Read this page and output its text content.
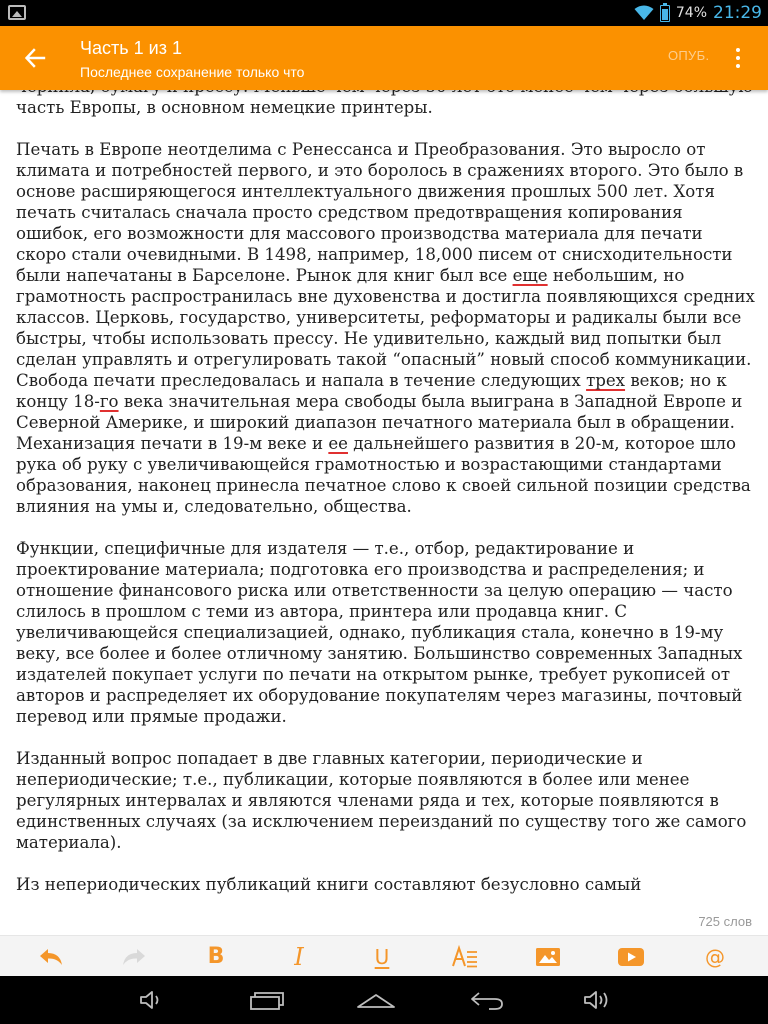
74% 21:29
Часть 1 из 1
Последнее сохранение только что
ОПУБ.

часть Европы, в основном немецкие принтеры.

Печать в Европе неотделима с Ренессанса и Преобразования. Это выросло от климата и потребностей первого, и это боролось в сражениях второго. Это было в основе расширяющегося интеллектуального движения прошлых 500 лет. Хотя печать считалась сначала просто средством предотвращения копирования ошибок, его возможности для массового производства материала для печати скоро стали очевидными. В 1498, например, 18,000 писем от снисходительности были напечатаны в Барселоне. Рынок для книг был все еще небольшим, но грамотность распространилась вне духовенства и достигла появляющихся средних классов. Церковь, государство, университеты, реформаторы и радикалы были все быстры, чтобы использовать прессу. Не удивительно, каждый вид попытки был сделан управлять и отрегулировать такой “опасный” новый способ коммуникации. Свобода печати преследовалась и напала в течение следующих трех веков; но к концу 18-го века значительная мера свободы была выиграна в Западной Европе и Северной Америке, и широкий диапазон печатного материала был в обращении. Механизация печати в 19-м веке и ее дальнейшего развития в 20-м, которое шло рука об руку с увеличивающейся грамотностью и возрастающими стандартами образования, наконец принесла печатное слово к своей сильной позиции средства влияния на умы и, следовательно, общества.

Функции, специфичные для издателя — т.е., отбор, редактирование и проектирование материала; подготовка его производства и распределения; и отношение финансового риска или ответственности за целую операцию — часто слилось в прошлом с теми из автора, принтера или продавца книг. С увеличивающейся специализацией, однако, публикация стала, конечно в 19-му веку, все более и более отличному занятию. Большинство современных Западных издателей покупает услуги по печати на открытом рынке, требует рукописей от авторов и распределяет их оборудование покупателям через магазины, почтовый перевод или прямые продажи.

Изданный вопрос попадает в две главных категории, периодические и непериодические; т.е., публикации, которые появляются в более или менее регулярных интервалах и являются членами ряда и тех, которые появляются в единственных случаях (за исключением переизданий по существу того же самого материала).

Из непериодических публикаций книги составляют безусловно самый

725 слов
B	I	U	@
